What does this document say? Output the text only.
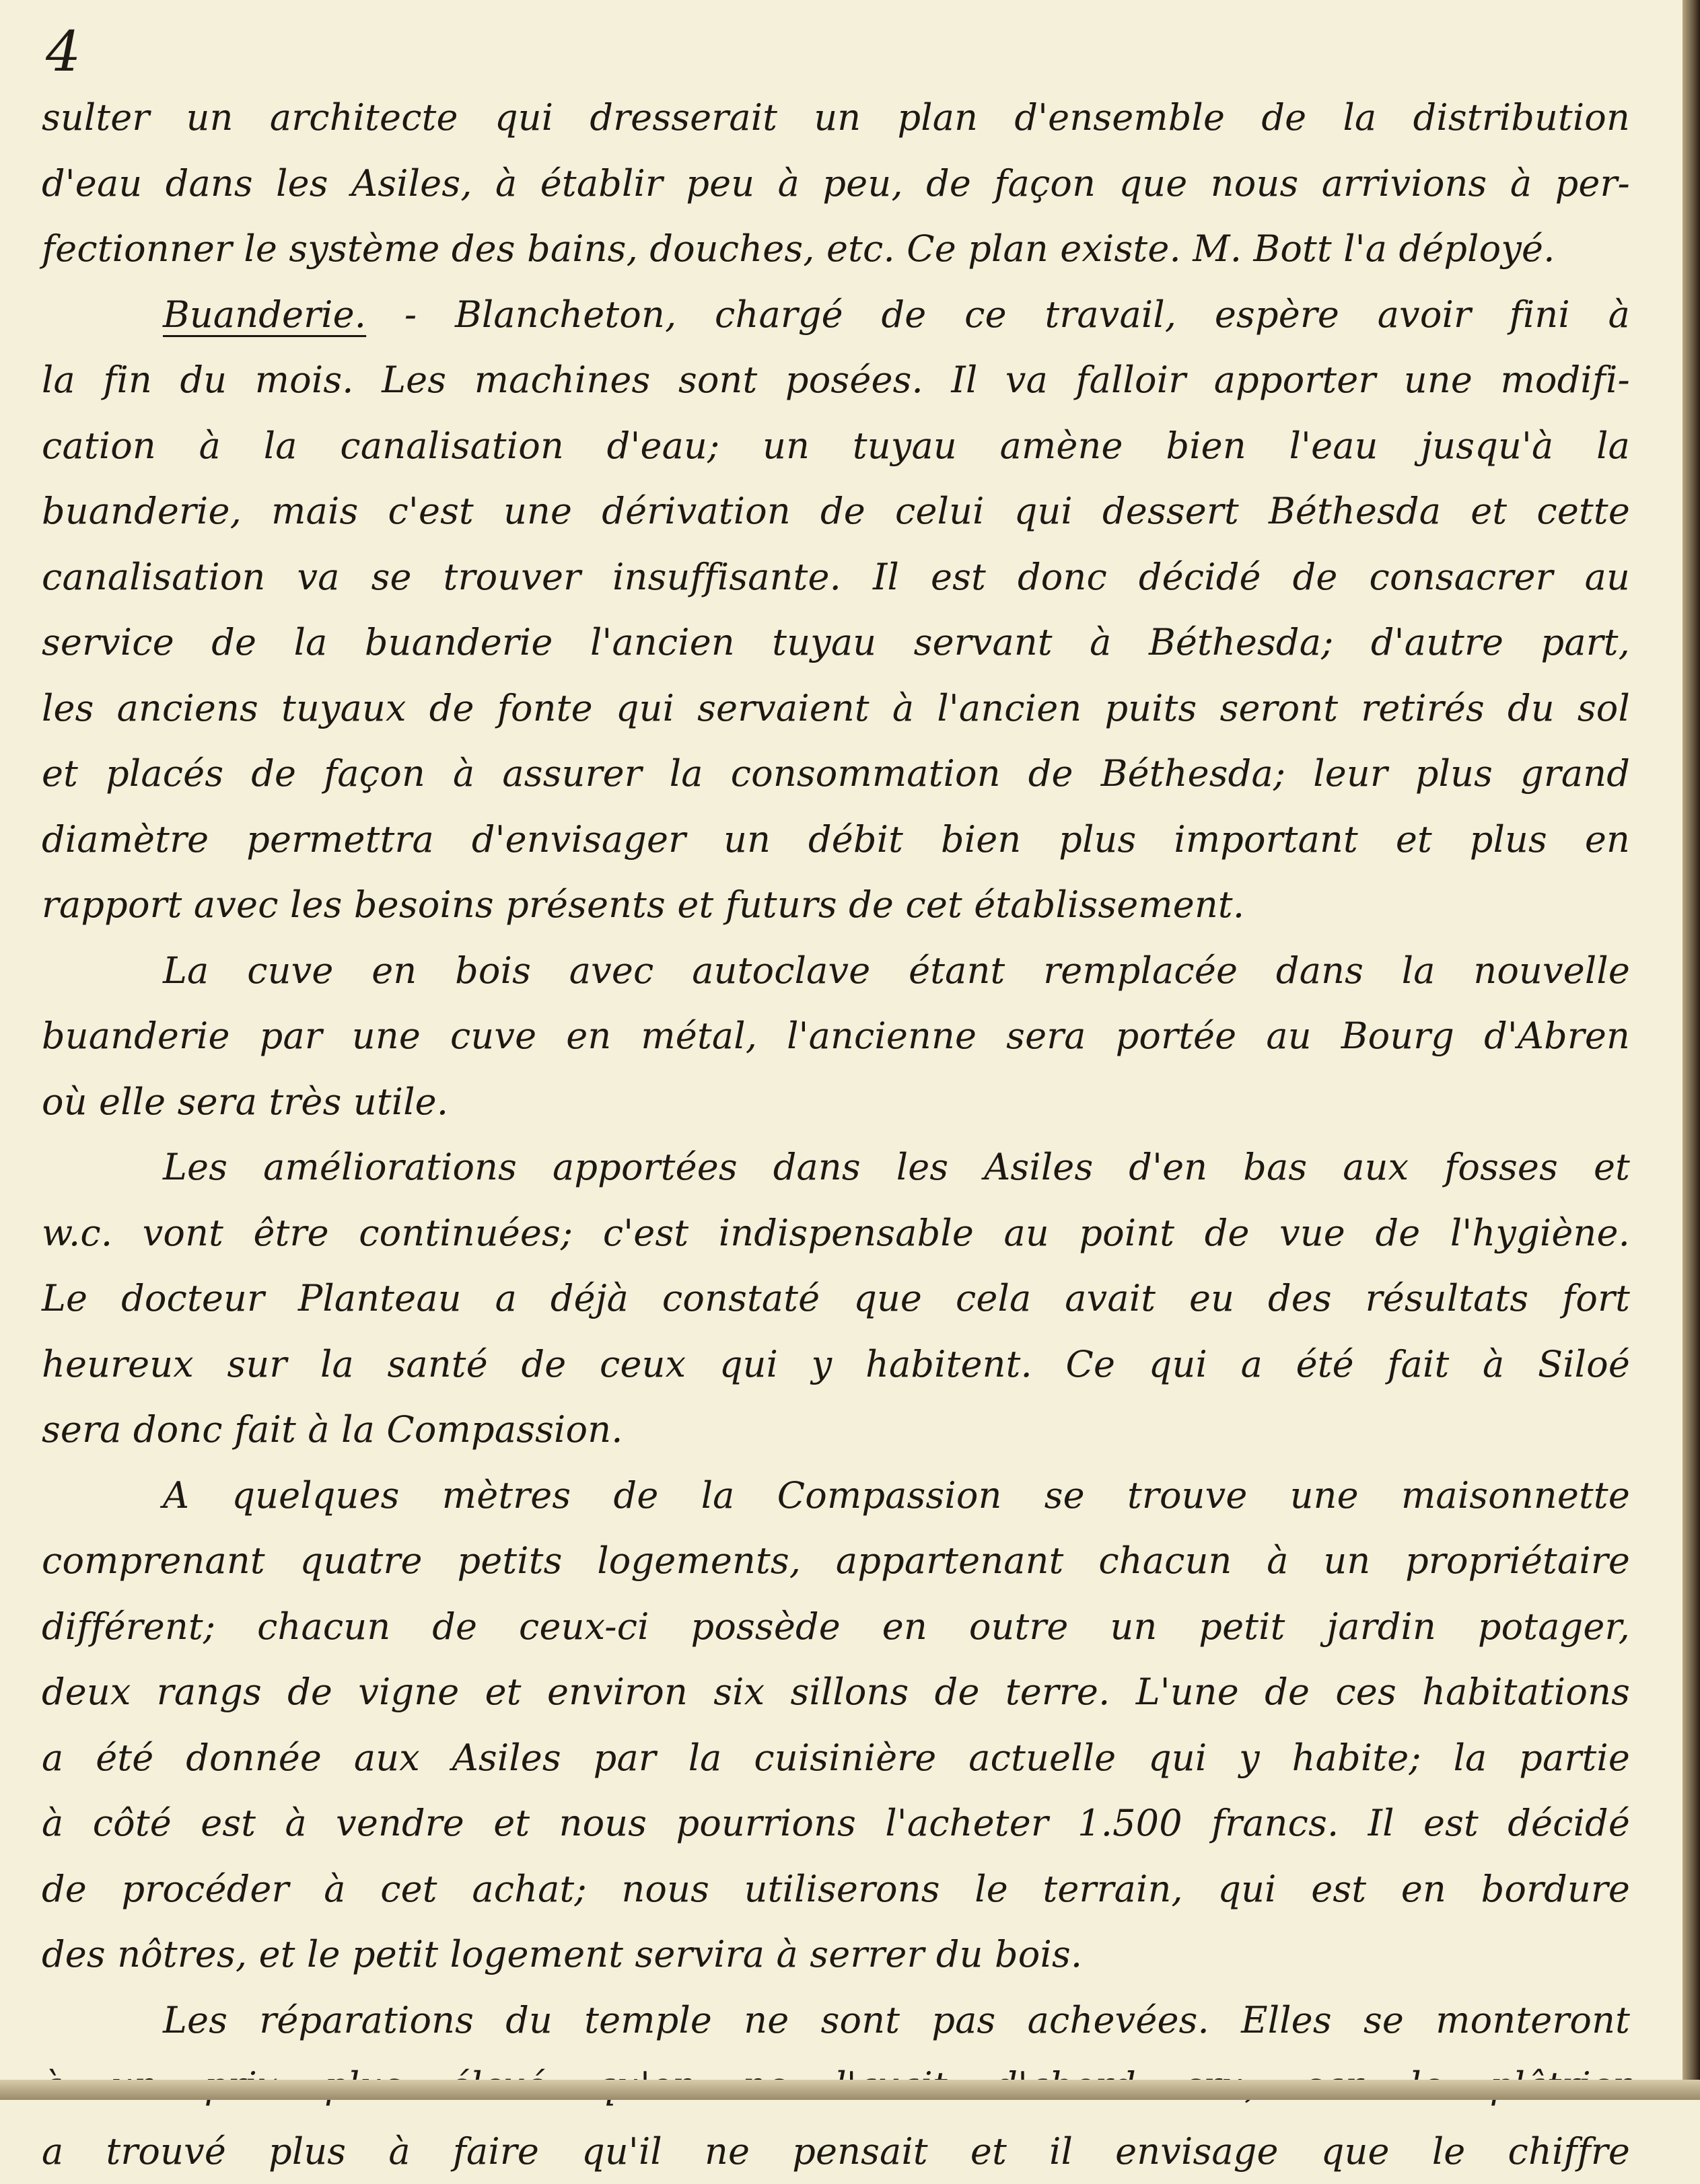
4
sulter un architecte qui dresserait un plan d'ensemble de la distribution
d'eau dans les Asiles, à établir peu à peu, de façon que nous arrivions à per-
fectionner le système des bains, douches, etc. Ce plan existe. M. Bott l'a déployé.
Buanderie. - Blancheton, chargé de ce travail, espère avoir fini à
la fin du mois. Les machines sont posées. Il va falloir apporter une modifi-
cation à la canalisation d'eau; un tuyau amène bien l'eau jusqu'à la
buanderie, mais c'est une dérivation de celui qui dessert Béthesda et cette
canalisation va se trouver insuffisante. Il est donc décidé de consacrer au
service de la buanderie l'ancien tuyau servant à Béthesda; d'autre part,
les anciens tuyaux de fonte qui servaient à l'ancien puits seront retirés du sol
et placés de façon à assurer la consommation de Béthesda; leur plus grand
diamètre permettra d'envisager un débit bien plus important et plus en
rapport avec les besoins présents et futurs de cet établissement.
La cuve en bois avec autoclave étant remplacée dans la nouvelle
buanderie par une cuve en métal, l'ancienne sera portée au Bourg d'Abren
où elle sera très utile.
Les améliorations apportées dans les Asiles d'en bas aux fosses et
w.c. vont être continuées; c'est indispensable au point de vue de l'hygiène.
Le docteur Planteau a déjà constaté que cela avait eu des résultats fort
heureux sur la santé de ceux qui y habitent. Ce qui a été fait à Siloé
sera donc fait à la Compassion.
A quelques mètres de la Compassion se trouve une maisonnette
comprenant quatre petits logements, appartenant chacun à un propriétaire
différent; chacun de ceux-ci possède en outre un petit jardin potager,
deux rangs de vigne et environ six sillons de terre. L'une de ces habitations
a été donnée aux Asiles par la cuisinière actuelle qui y habite; la partie
à côté est à vendre et nous pourrions l'acheter 1.500 francs. Il est décidé
de procéder à cet achat; nous utiliserons le terrain, qui est en bordure
des nôtres, et le petit logement servira à serrer du bois.
Les réparations du temple ne sont pas achevées. Elles se monteront
a trouvé plus à faire qu'il ne pensait et il envisage que le chiffre
